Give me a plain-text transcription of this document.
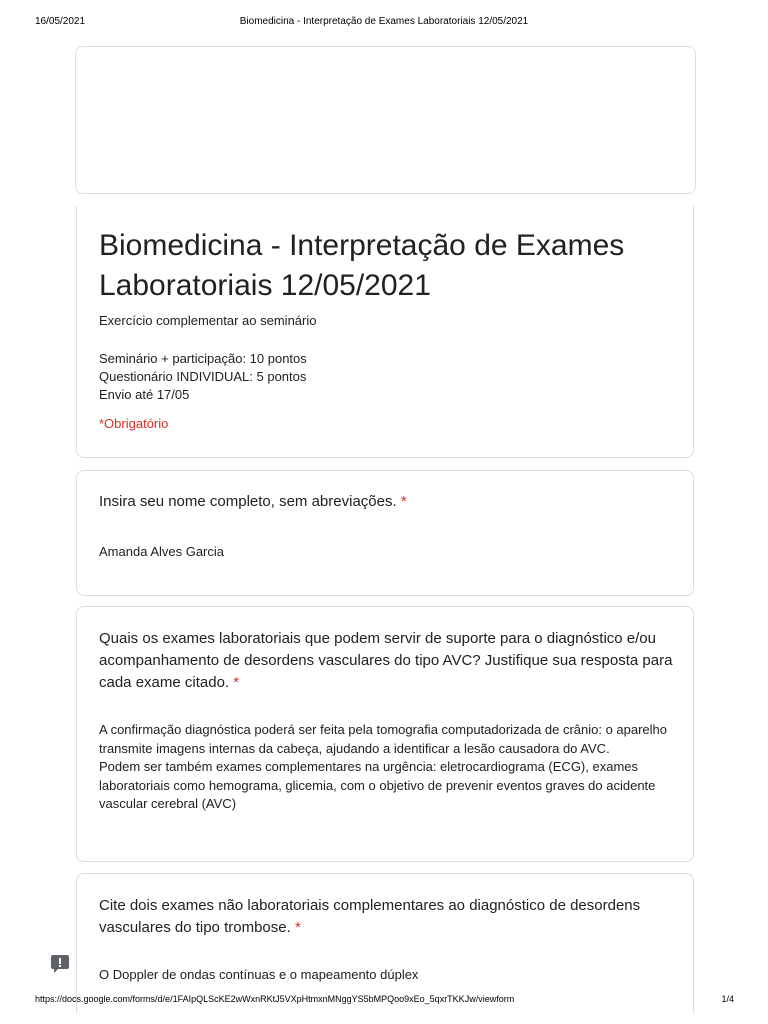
16/05/2021	Biomedicina - Interpretação de Exames Laboratoriais 12/05/2021
Biomedicina - Interpretação de Exames Laboratoriais 12/05/2021
Exercício complementar ao seminário
Seminário + participação: 10 pontos
Questionário INDIVIDUAL: 5 pontos
Envio até 17/05
*Obrigatório
Insira seu nome completo, sem abreviações. *
Amanda Alves Garcia
Quais os exames laboratoriais que podem servir de suporte para o diagnóstico e/ou acompanhamento de desordens vasculares do tipo AVC? Justifique sua resposta para cada exame citado. *
A confirmação diagnóstica poderá ser feita pela tomografia computadorizada de crânio: o aparelho transmite imagens internas da cabeça, ajudando a identificar a lesão causadora do AVC.
Podem ser também exames complementares na urgência: eletrocardiograma (ECG), exames laboratoriais como hemograma, glicemia, com o objetivo de prevenir eventos graves do acidente vascular cerebral (AVC)
Cite dois exames não laboratoriais complementares ao diagnóstico de desordens vasculares do tipo trombose. *
O Doppler de ondas contínuas e o mapeamento dúplex
https://docs.google.com/forms/d/e/1FAIpQLScKE2wWxnRKtJ5VXpHtmxnMNggYS5bMPQoo9xEo_5qxrTKKJw/viewform	1/4
